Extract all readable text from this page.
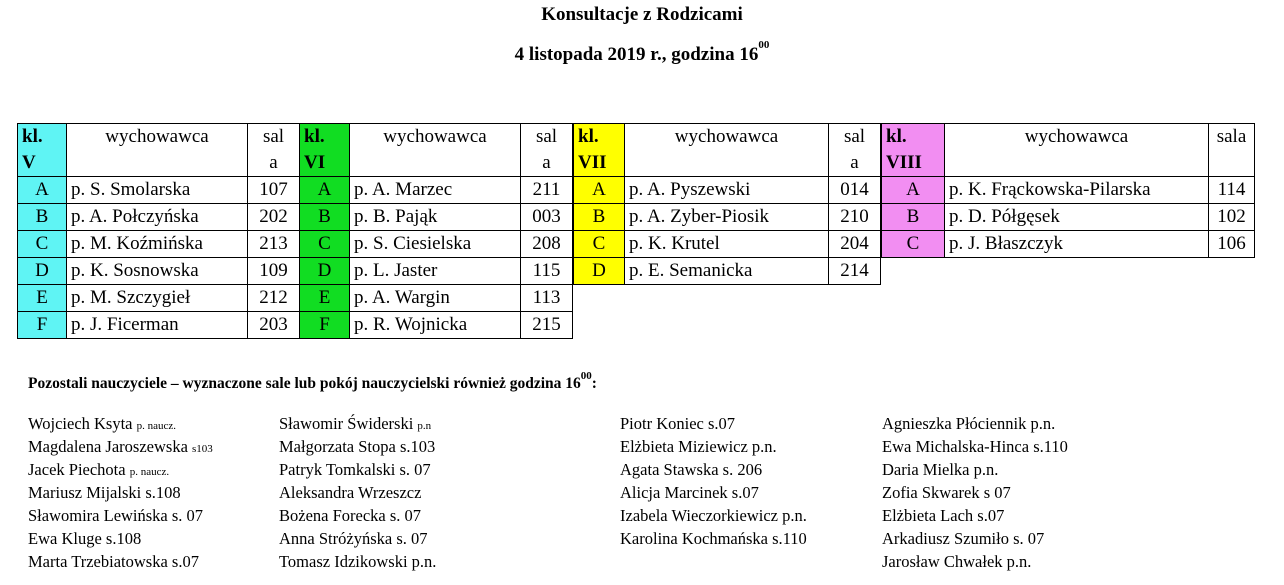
Konsultacje z Rodzicami
4 listopada 2019 r., godzina $16^{00}$
kl.
V	wychowawca	sal
a
A	p. S. Smolarska	107
B	p. A. Połczyńska	202
C	p. M. Koźmińska	213
D	p. K. Sosnowska	109
E	p. M. Szczygieł	212
F	p. J. Ficerman	203
kl.
VI	wychowawca	sal
a
A	p. A. Marzec	211
B	p. B. Pająk	003
C	p. S. Ciesielska	208
D	p. L. Jaster	115
E	p. A. Wargin	113
F	p. R. Wojnicka	215
kl.
VII	wychowawca	sal
a
A	p. A. Pyszewski	014
B	p. A. Zyber-Piosik	210
C	p. K. Krutel	204
D	p. E. Semanicka	214
kl.
VIII	wychowawca	sala

A	p. K. Frąckowska-Pilarska	114
B	p. D. Półgęsek	102
C	p. J. Błaszczyk	106
Pozostali nauczyciele – wyznaczone sale lub pokój nauczycielski również godzina $16^{00}$:
Wojciech Ksyta p. naucz.
Magdalena Jaroszewska s103
Jacek Piechota p. naucz.
Mariusz Mijalski s.108
Sławomira Lewińska s. 07
Ewa Kluge s.108
Marta Trzebiatowska s.07
Sławomir Świderski p.n
Małgorzata Stopa s.103
Patryk Tomkalski s. 07
Aleksandra Wrzeszcz
Bożena Forecka s. 07
Anna Stróżyńska s. 07
Tomasz Idzikowski p.n.
Piotr Koniec s.07
Elżbieta Miziewicz p.n.
Agata Stawska s. 206
Alicja Marcinek s.07
Izabela Wieczorkiewicz p.n.
Karolina Kochmańska s.110
Agnieszka Płóciennik p.n.
Ewa Michalska-Hinca s.110
Daria Mielka p.n.
Zofia Skwarek s 07
Elżbieta Lach s.07
Arkadiusz Szumiło s. 07
Jarosław Chwałek p.n.
